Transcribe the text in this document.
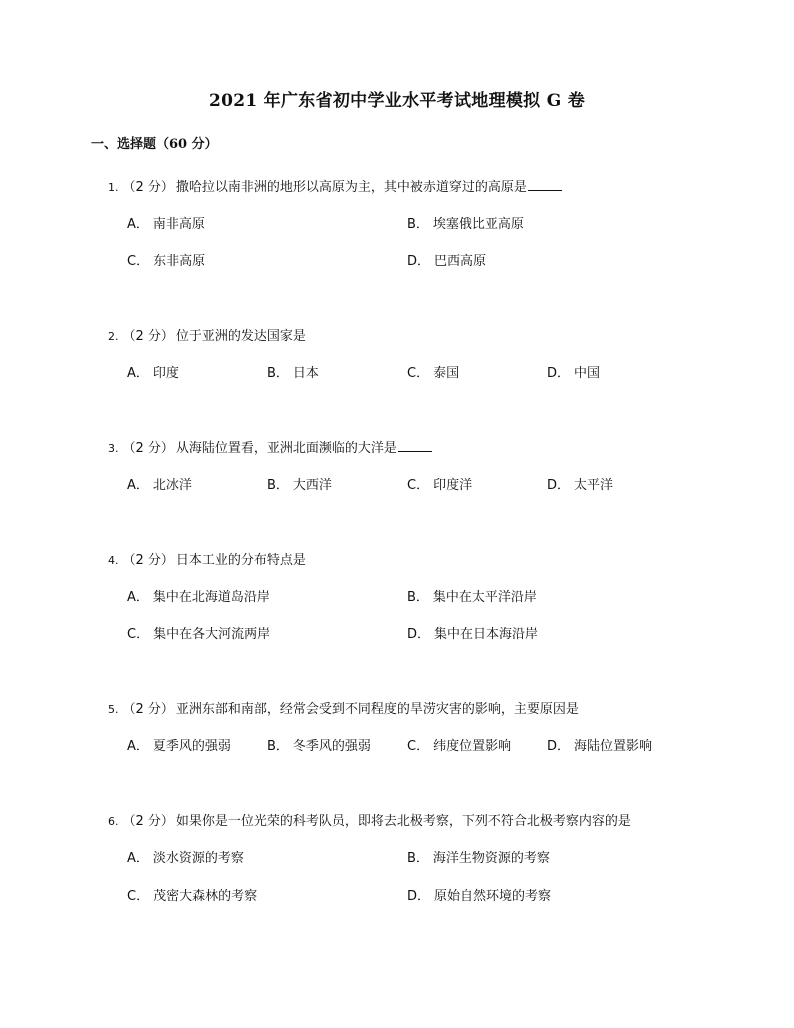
2021 年广东省初中学业水平考试地理模拟 G 卷
一、选择题（60 分）
1. （2 分） 撒哈拉以南非洲的地形以高原为主，其中被赤道穿过的高原是
A． 南非高原	B． 埃塞俄比亚高原
C． 东非高原	D． 巴西高原
2. （2 分） 位于亚洲的发达国家是
A． 印度	B． 日本	C． 泰国	D． 中国
3. （2 分） 从海陆位置看，亚洲北面濒临的大洋是
A． 北冰洋	B． 大西洋	C． 印度洋	D． 太平洋
4. （2 分） 日本工业的分布特点是
A． 集中在北海道岛沿岸	B． 集中在太平洋沿岸
C． 集中在各大河流两岸	D． 集中在日本海沿岸
5. （2 分） 亚洲东部和南部，经常会受到不同程度的旱涝灾害的影响，主要原因是
A． 夏季风的强弱	B． 冬季风的强弱	C． 纬度位置影响	D． 海陆位置影响
6. （2 分） 如果你是一位光荣的科考队员，即将去北极考察，下列不符合北极考察内容的是
A． 淡水资源的考察	B． 海洋生物资源的考察
C． 茂密大森林的考察	D． 原始自然环境的考察
